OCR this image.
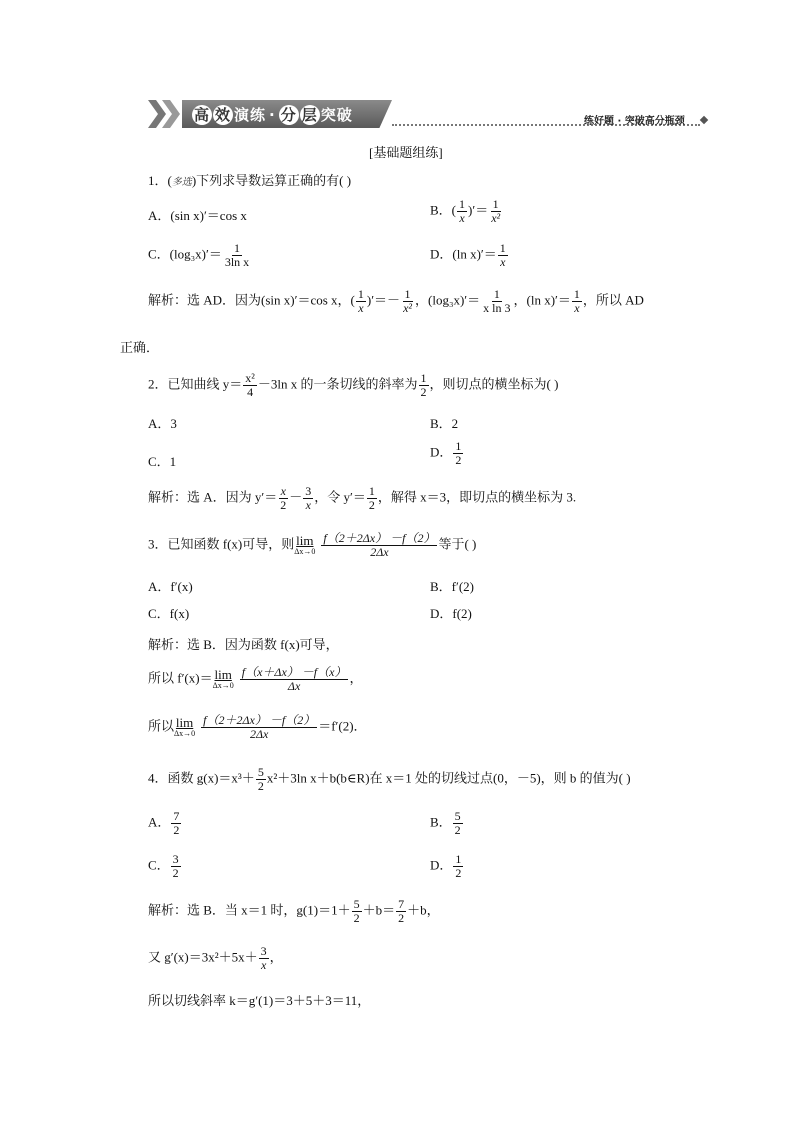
高 效 演练 · 分 层 突破	练好题 · 突破高分瓶颈
[基础题组练]
1．(多选)下列求导数运算正确的有( )
A．(sin x)′＝cos x	B．( $\frac{1}{x}$ )′＝ $\frac{1}{\text{x²}}$
C．$(\log_3x)'= \frac{1}{\text{3ln x}}$	D．(ln $x)'= \frac{1}{x}$
解析：选 AD．因为(sin x)′＝cos x，( $\frac{1}{x}$ )′＝－ $\frac{1}{\text{x²}}$ ，$(\log_3x)'= \frac{1}{\text{x ln 3}}$ ，(ln $x)'= \frac{1}{x}$ ，所以 AD
正确．
2．已知曲线 $y= \frac{\text{x²}}{4} -3\ln$ x 的一条切线的斜率为 $\frac{1}{2}$ ，则切点的横坐标为( )
A．3	B．2
C．1
D． $\frac{1}{2}$
解析：选 A．因为 $y'= \frac{x}{2} - \frac{3}{x}$ ，令 $y'= \frac{1}{2}$ ，解得 x＝3，即切点的横坐标为 3.
3．已知函数 f(x)可导，则 lim
$\Delta x\to 0 \frac{f(2+2\Delta x) -f(2)}{2\Delta x}$ 等于( )
A．f′(x)	B．f′(2)
C．f(x)	D．f(2)
解析：选 B．因为函数 f(x)可导，
所以 f′(x)＝ lim
$\Delta x\to 0 \frac{f(x+\Delta x) -f(x)}{\Delta x}$ ，
所以 lim
$\Delta x\to 0 \frac{f(2+2\Delta x) -f(2)}{2\Delta x} =f'(2)$．
4．函数 $g(x)=x^3+ \frac{5}{2} x^2+3\ln$ x＋b(b∈R)在 x＝1 处的切线过点(0，－5)，则 b 的值为( )
A． $\frac{7}{2}$	B． $\frac{5}{2}$
C． $\frac{3}{2}$	D． $\frac{1}{2}$
解析：选 B．当 x＝1 时，$g(1)=1+ \frac{5}{2} +b= \frac{7}{2} +b$，
又 $g'(x)=3x^2+5x+ \frac{3}{x}$ ，
所以切线斜率 k＝g′(1)＝3＋5＋3＝11，
